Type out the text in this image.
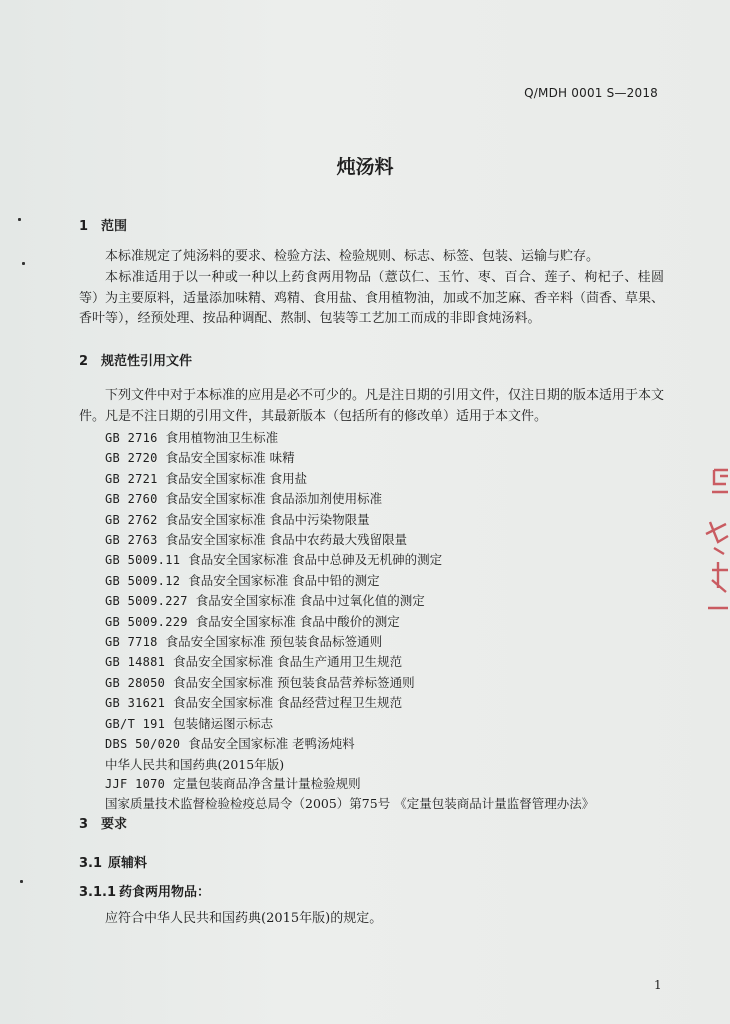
Q/MDH 0001 S—2018
炖汤料
1 范围
本标准规定了炖汤料的要求、检验方法、检验规则、标志、标签、包装、运输与贮存。
本标准适用于以一种或一种以上药食两用物品（薏苡仁、玉竹、枣、百合、莲子、枸杞子、桂圆等）为主要原料，适量添加味精、鸡精、食用盐、食用植物油，加或不加芝麻、香辛料（茴香、草果、香叶等），经预处理、按品种调配、熬制、包装等工艺加工而成的非即食炖汤料。
2 规范性引用文件
下列文件中对于本标准的应用是必不可少的。凡是注日期的引用文件，仅注日期的版本适用于本文件。凡是不注日期的引用文件，其最新版本（包括所有的修改单）适用于本文件。
GB 2716 食用植物油卫生标准
GB 2720 食品安全国家标准 味精
GB 2721 食品安全国家标准 食用盐
GB 2760 食品安全国家标准 食品添加剂使用标准
GB 2762 食品安全国家标准 食品中污染物限量
GB 2763 食品安全国家标准 食品中农药最大残留限量
GB 5009.11 食品安全国家标准 食品中总砷及无机砷的测定
GB 5009.12 食品安全国家标准 食品中铅的测定
GB 5009.227 食品安全国家标准 食品中过氧化值的测定
GB 5009.229 食品安全国家标准 食品中酸价的测定
GB 7718 食品安全国家标准 预包装食品标签通则
GB 14881 食品安全国家标准 食品生产通用卫生规范
GB 28050 食品安全国家标准 预包装食品营养标签通则
GB 31621 食品安全国家标准 食品经营过程卫生规范
GB/T 191 包装储运图示标志
DBS 50/020 食品安全国家标准 老鸭汤炖料
中华人民共和国药典(2015年版)
JJF 1070 定量包装商品净含量计量检验规则
国家质量技术监督检验检疫总局令（2005）第75号 《定量包装商品计量监督管理办法》
3 要求
3.1 原辅料
3.1.1 药食两用物品：
应符合中华人民共和国药典(2015年版)的规定。
1
